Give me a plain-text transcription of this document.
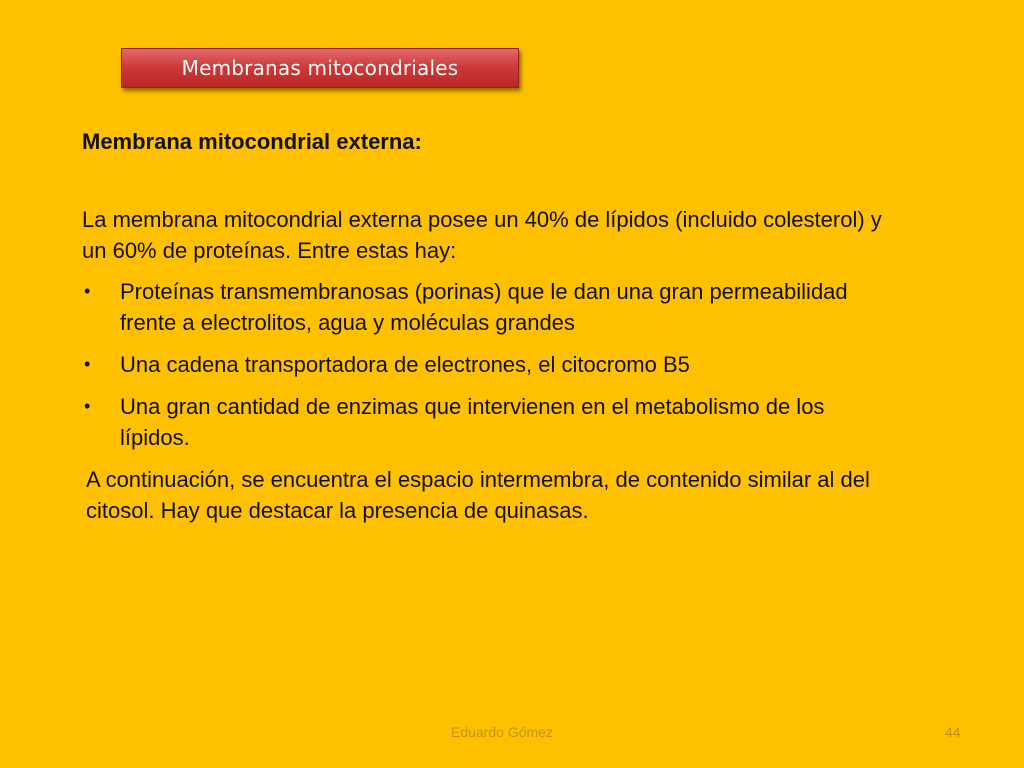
Membranas mitocondriales

Membrana mitocondrial externa:

La membrana mitocondrial externa posee un 40% de lípidos (incluido colesterol) y un 60% de proteínas. Entre estas hay:

• Proteínas transmembranosas (porinas) que le dan una gran permeabilidad frente a electrolitos, agua y moléculas grandes
• Una cadena transportadora de electrones, el citocromo B5
• Una gran cantidad de enzimas que intervienen en el metabolismo de los lípidos.

A continuación, se encuentra el espacio intermembra, de contenido similar al del citosol. Hay que destacar la presencia de quinasas.

Eduardo Gómez	44
